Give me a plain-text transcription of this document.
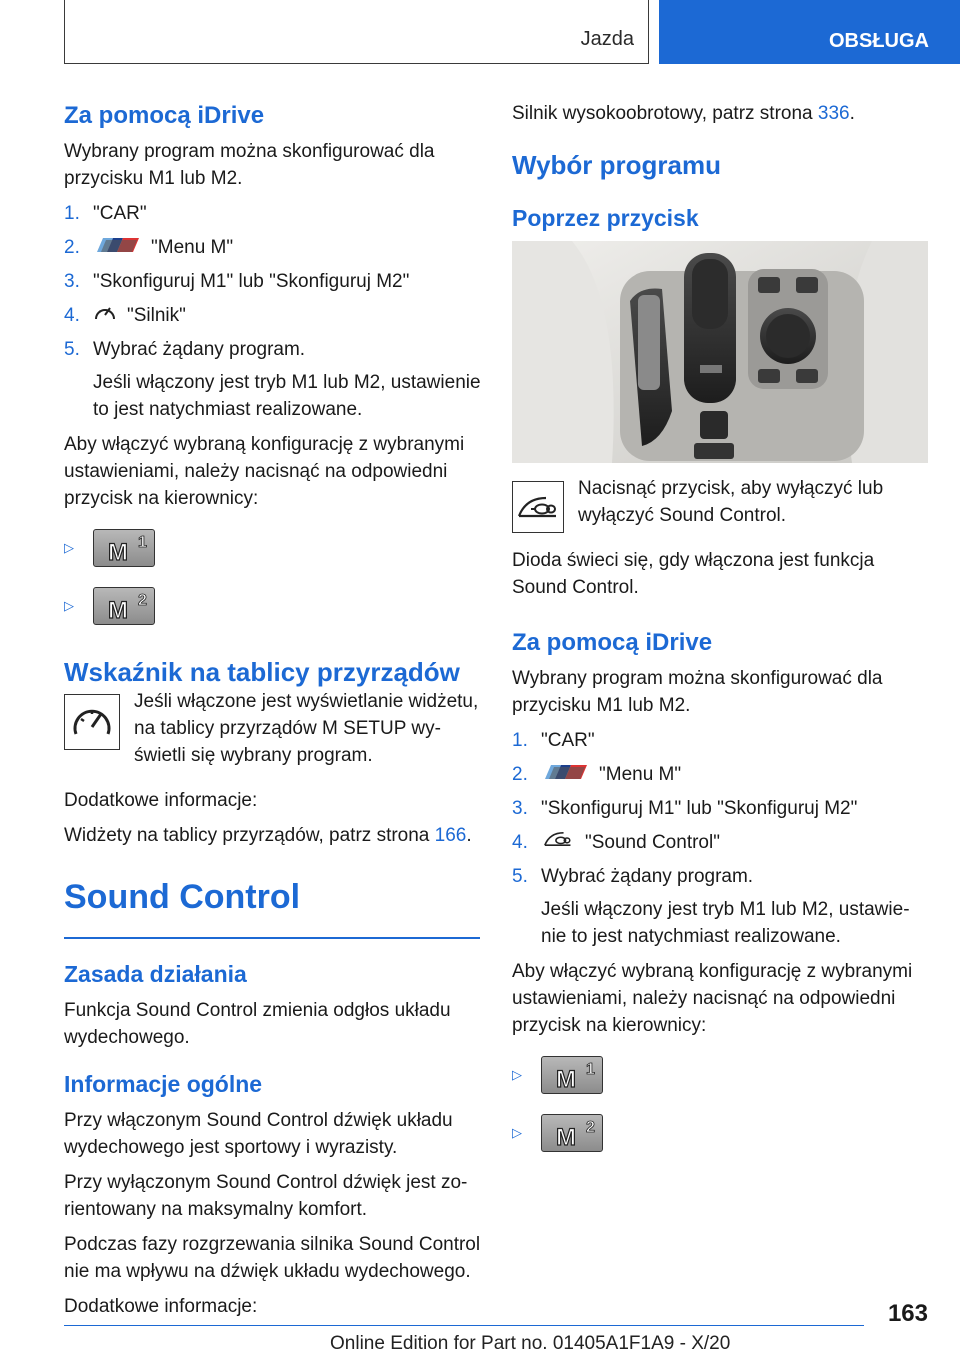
Jazda	OBSŁUGA
Za pomocą iDrive

Wybrany program można skonfigurować dla przycisku M1 lub M2.

1. "CAR"
2.	"Menu M"
3. "Skonfiguruj M1" lub "Skonfiguruj M2"
4. "Silnik"
5. Wybrać żądany program.
Jeśli włączony jest tryb M1 lub M2, ustawienie to jest natychmiast realizowane.

Aby włączyć wybraną konfigurację z wybranymi ustawieniami, należy nacisnąć na odpowiedni przycisk na kierownicy:

▷	M 1
▷	M 2
Wskaźnik na tablicy przyrządów

Jeśli włączone jest wyświetlanie widżetu, na tablicy przyrządów M SETUP wyświetli się wybrany program.

Dodatkowe informacje:

Widżety na tablicy przyrządów, patrz strona 166.

Sound Control
Zasada działania

Funkcja Sound Control zmienia odgłos układu wydechowego.

Informacje ogólne

Przy włączonym Sound Control dźwięk układu wydechowego jest sportowy i wyrazisty.

Przy wyłączonym Sound Control dźwięk jest zorientowany na maksymalny komfort.

Podczas fazy rozgrzewania silnika Sound Control nie ma wpływu na dźwięk układu wydechowego.

Dodatkowe informacje:

Silnik wysokoobrotowy, patrz strona 336.

Wybór programu
Poprzez przycisk

Nacisnąć przycisk, aby wyłączyć lub wyłączyć Sound Control.

Dioda świeci się, gdy włączona jest funkcja Sound Control.

Za pomocą iDrive

Wybrany program można skonfigurować dla przycisku M1 lub M2.

1. "CAR"
2.	"Menu M"
3. "Skonfiguruj M1" lub "Skonfiguruj M2"
4.	"Sound Control"
5. Wybrać żądany program.
Jeśli włączony jest tryb M1 lub M2, ustawienie to jest natychmiast realizowane.

Aby włączyć wybraną konfigurację z wybranymi ustawieniami, należy nacisnąć na odpowiedni przycisk na kierownicy:

▷	M 1
▷	M 2
163
Online Edition for Part no. 01405A1F1A9 - X/20
